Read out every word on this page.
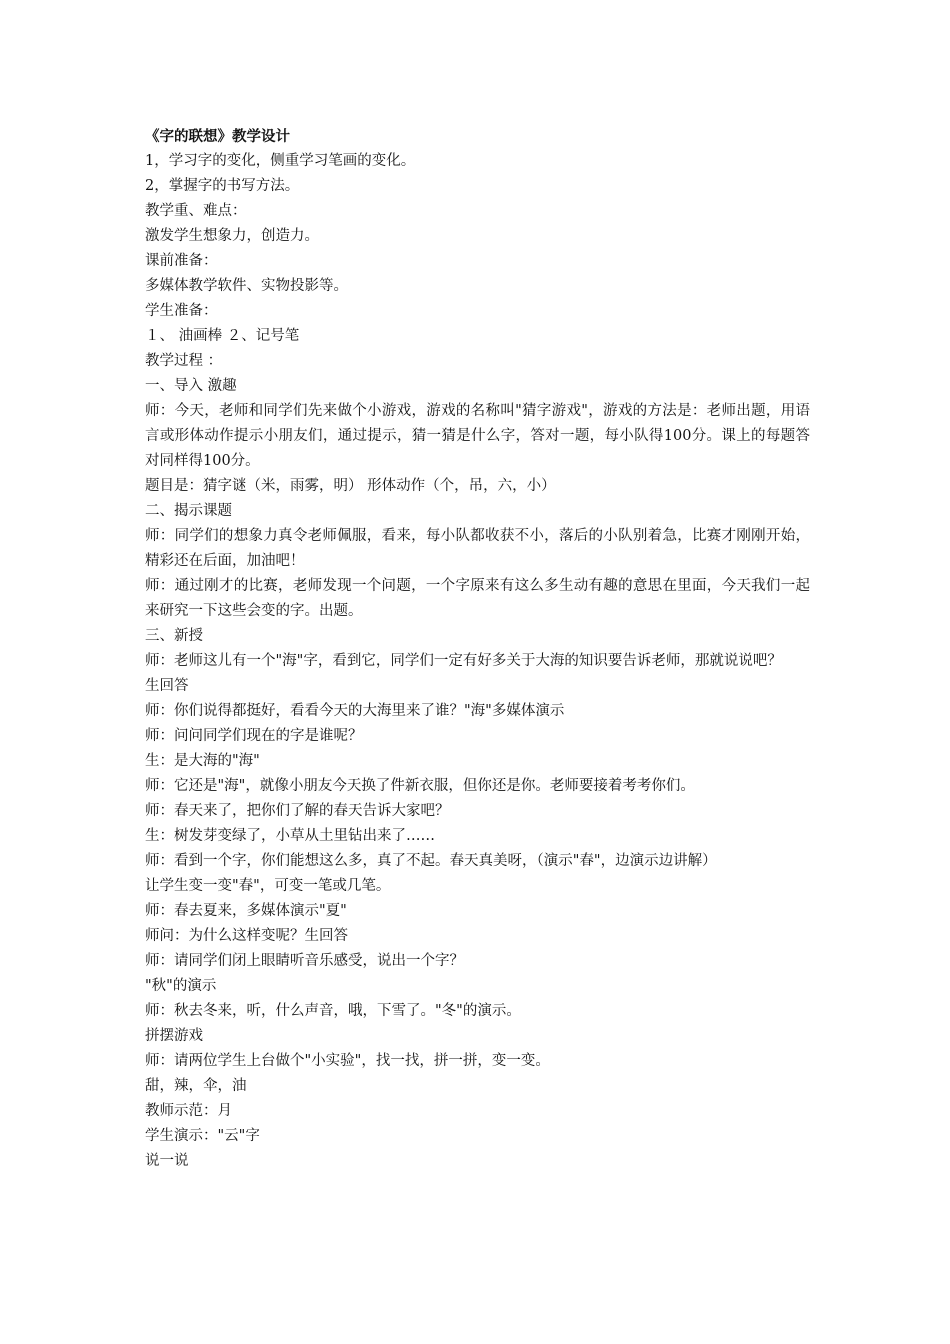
《字的联想》教学设计

1，学习字的变化，侧重学习笔画的变化。

2，掌握字的书写方法。

教学重、难点：

激发学生想象力，创造力。

课前准备：

多媒体教学软件、实物投影等。

学生准备：

１、 油画棒 ２、记号笔

教学过程 ：

一、导入 激趣

师：今天，老师和同学们先来做个小游戏，游戏的名称叫"猜字游戏"，游戏的方法是：老师出题，用语言或形体动作提示小朋友们，通过提示，猜一猜是什么字，答对一题，每小队得100分。课上的每题答对同样得100分。

题目是：猜字谜（米，雨雾，明） 形体动作（个，吊，六，小）

二、揭示课题

师：同学们的想象力真令老师佩服，看来，每小队都收获不小，落后的小队别着急，比赛才刚刚开始，精彩还在后面，加油吧！

师：通过刚才的比赛，老师发现一个问题，一个字原来有这么多生动有趣的意思在里面，今天我们一起来研究一下这些会变的字。出题。

三、新授

师：老师这儿有一个"海"字，看到它，同学们一定有好多关于大海的知识要告诉老师，那就说说吧？

生回答

师：你们说得都挺好，看看今天的大海里来了谁？"海"多媒体演示

师：问问同学们现在的字是谁呢？

生：是大海的"海"

师：它还是"海"，就像小朋友今天换了件新衣服，但你还是你。老师要接着考考你们。

师：春天来了，把你们了解的春天告诉大家吧？

生：树发芽变绿了，小草从土里钻出来了……

师：看到一个字，你们能想这么多，真了不起。春天真美呀，（演示"春"，边演示边讲解）

让学生变一变"春"，可变一笔或几笔。

师：春去夏来，多媒体演示"夏"

师问：为什么这样变呢？生回答

师：请同学们闭上眼睛听音乐感受，说出一个字？

"秋"的演示

师：秋去冬来，听，什么声音，哦，下雪了。"冬"的演示。

拼摆游戏

师：请两位学生上台做个"小实验"，找一找，拼一拼，变一变。

甜，辣，伞，油

教师示范：月

学生演示："云"字

说一说
